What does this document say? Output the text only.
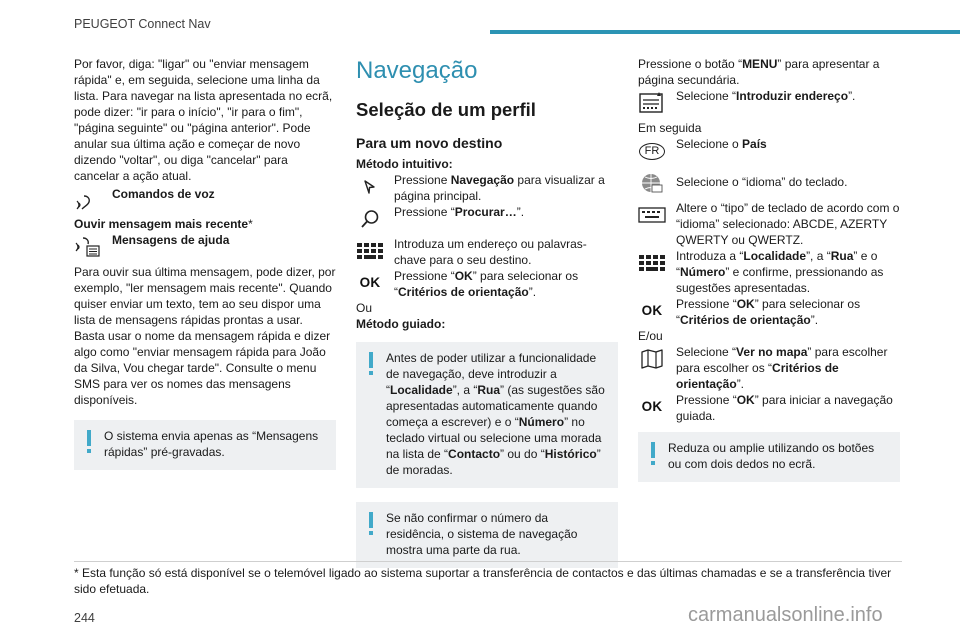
PEUGEOT Connect Nav

Por favor, diga: "ligar" ou "enviar mensagem rápida" e, em seguida, selecione uma linha da lista. Para navegar na lista apresentada no ecrã, pode dizer: "ir para o início", "ir para o fim", "página seguinte" ou "página anterior". Pode anular sua última ação e começar de novo dizendo "voltar", ou diga "cancelar" para cancelar a ação atual.

Comandos de voz

Ouvir mensagem mais recente*

Mensagens de ajuda

Para ouvir sua última mensagem, pode dizer, por exemplo, "ler mensagem mais recente". Quando quiser enviar um texto, tem ao seu dispor uma lista de mensagens rápidas prontas a usar. Basta usar o nome da mensagem rápida e dizer algo como "enviar mensagem rápida para João da Silva, Vou chegar tarde". Consulte o menu SMS para ver os nomes das mensagens disponíveis.

O sistema envia apenas as “Mensagens rápidas” pré-gravadas.
Navegação
Seleção de um perfil
Para um novo destino

Método intuitivo:

Pressione Navegação para visualizar a página principal.
Pressione “Procurar…”.
Introduza um endereço ou palavras-chave para o seu destino.
OK Pressione “OK” para selecionar os “Critérios de orientação”.

Ou

Método guiado:

Antes de poder utilizar a funcionalidade de navegação, deve introduzir a “Localidade”, a “Rua” (as sugestões são apresentadas automaticamente quando começa a escrever) e o “Número” no teclado virtual ou selecione uma morada na lista de “Contacto” ou do “Histórico” de moradas.
Se não confirmar o número da residência, o sistema de navegação mostra uma parte da rua.

Pressione o botão “MENU” para apresentar a página secundária.

Selecione “Introduzir endereço”.

Em seguida

FR	Selecione o País
Selecione o “idioma” do teclado.
Altere o “tipo” de teclado de acordo com o “idioma” selecionado: ABCDE, AZERTY QWERTY ou QWERTZ.
Introduza a “Localidade”, a “Rua” e o “Número” e confirme, pressionando as sugestões apresentadas.
OK Pressione “OK” para selecionar os “Critérios de orientação”.

E/ou

Selecione “Ver no mapa” para escolher para escolher os “Critérios de orientação”.
OK Pressione “OK” para iniciar a navegação guiada.
Reduza ou amplie utilizando os botões ou com dois dedos no ecrã.
* Esta função só está disponível se o telemóvel ligado ao sistema suportar a transferência de contactos e das últimas chamadas e se a transferência tiver sido efetuada.
244	carmanualsonline.info
